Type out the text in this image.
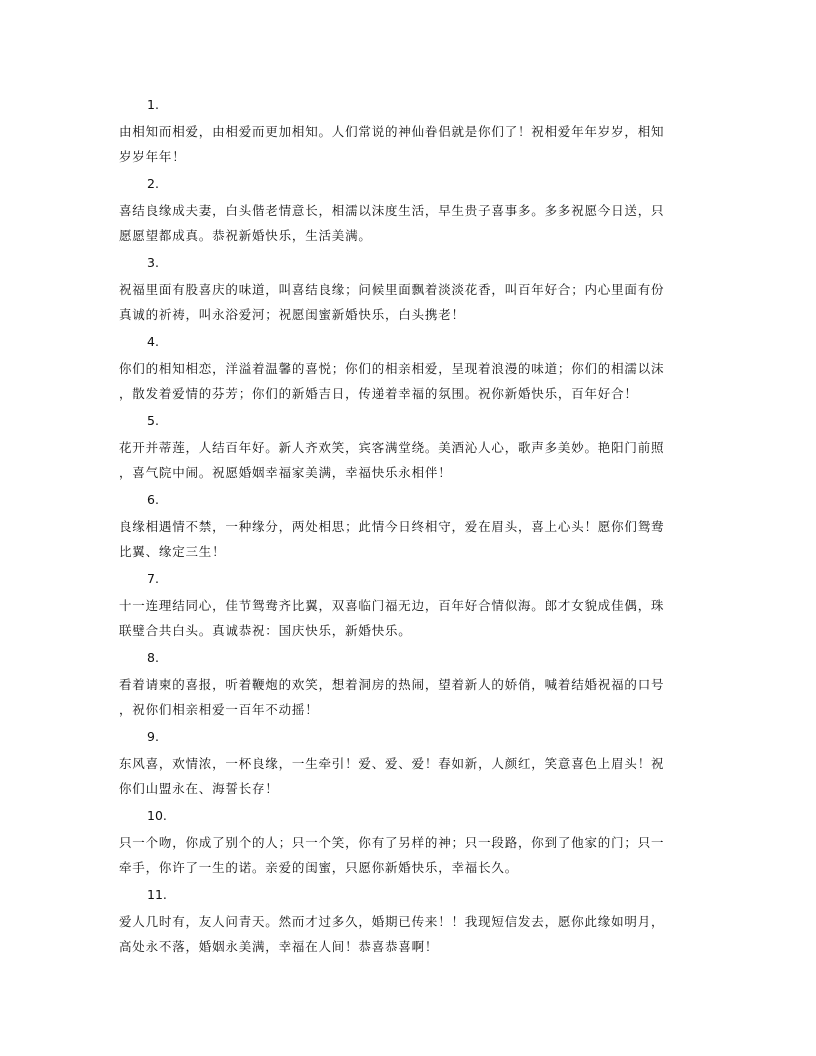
1.
由相知而相爱，由相爱而更加相知。人们常说的神仙眷侣就是你们了！祝相爱年年岁岁，相知
岁岁年年！
2.
喜结良缘成夫妻，白头偕老情意长，相濡以沫度生活，早生贵子喜事多。多多祝愿今日送，只
愿愿望都成真。恭祝新婚快乐，生活美满。
3.
祝福里面有股喜庆的味道，叫喜结良缘；问候里面飘着淡淡花香，叫百年好合；内心里面有份
真诚的祈祷，叫永浴爱河；祝愿闺蜜新婚快乐，白头携老！
4.
你们的相知相恋，洋溢着温馨的喜悦；你们的相亲相爱，呈现着浪漫的味道；你们的相濡以沫
，散发着爱情的芬芳；你们的新婚吉日，传递着幸福的氛围。祝你新婚快乐，百年好合！
5.
花开并蒂莲，人结百年好。新人齐欢笑，宾客满堂绕。美酒沁人心，歌声多美妙。艳阳门前照
，喜气院中闹。祝愿婚姻幸福家美满，幸福快乐永相伴！
6.
良缘相遇情不禁，一种缘分，两处相思；此情今日终相守，爱在眉头，喜上心头！愿你们鸳鸯
比翼、缘定三生！
7.
十一连理结同心，佳节鸳鸯齐比翼，双喜临门福无边，百年好合情似海。郎才女貌成佳偶，珠
联璧合共白头。真诚恭祝：国庆快乐，新婚快乐。
8.
看着请柬的喜报，听着鞭炮的欢笑，想着洞房的热闹，望着新人的娇俏，喊着结婚祝福的口号
，祝你们相亲相爱一百年不动摇！
9.
东风喜，欢情浓，一杯良缘，一生牵引！爱、爱、爱！春如新，人颜红，笑意喜色上眉头！祝
你们山盟永在、海誓长存！
10.
只一个吻，你成了别个的人；只一个笑，你有了另样的神；只一段路，你到了他家的门；只一
牵手，你许了一生的诺。亲爱的闺蜜，只愿你新婚快乐，幸福长久。
11.
爱人几时有，友人问青天。然而才过多久，婚期已传来！！我现短信发去，愿你此缘如明月，
高处永不落，婚姻永美满，幸福在人间！恭喜恭喜啊！
